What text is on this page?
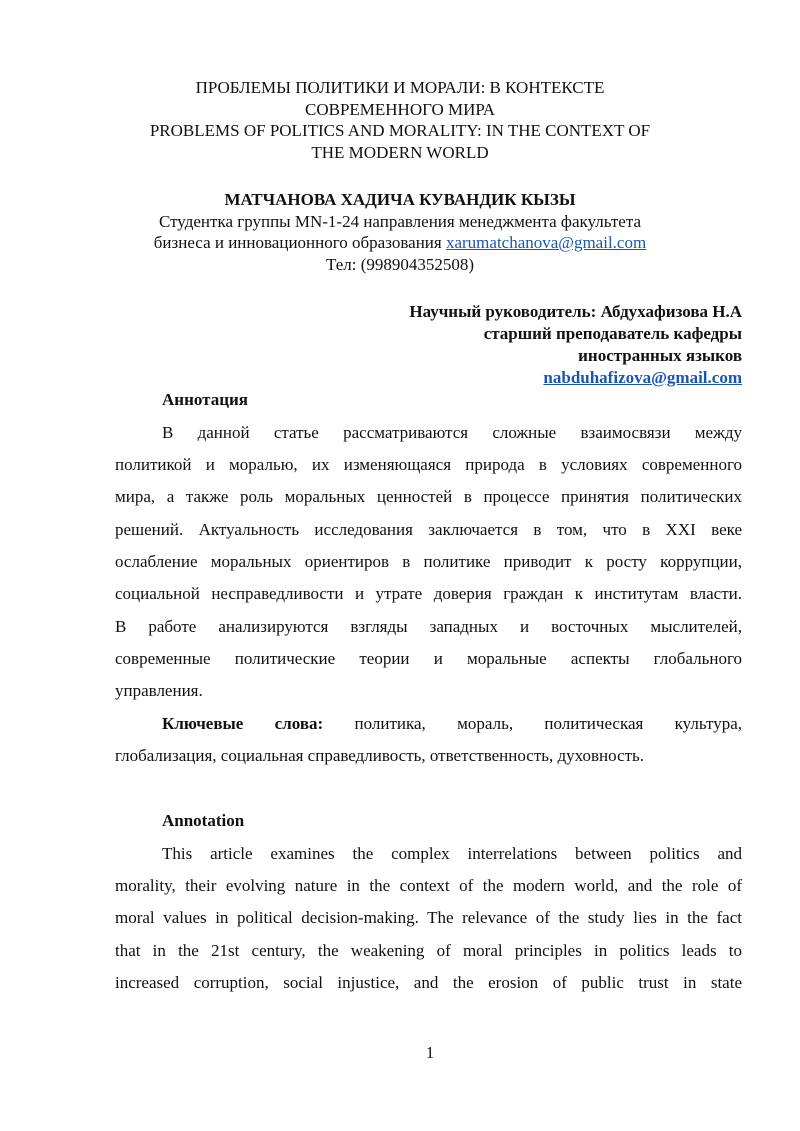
ПРОБЛЕМЫ ПОЛИТИКИ И МОРАЛИ: В КОНТЕКСТЕ
СОВРЕМЕННОГО МИРА
PROBLEMS OF POLITICS AND MORALITY: IN THE CONTEXT OF
THE MODERN WORLD
МАТЧАНОВА ХАДИЧА КУВАНДИК КЫЗЫ
Студентка группы MN-1-24 направления менеджмента факультета
бизнеса и инновационного образования xarumatchanova@gmail.com
Тел: (998904352508)
Научный руководитель: Абдухафизова Н.А
старший преподаватель кафедры
иностранных языков
nabduhafizova@gmail.com
Аннотация
В данной статье рассматриваются сложные взаимосвязи между
политикой и моралью, их изменяющаяся природа в условиях современного
мира, а также роль моральных ценностей в процессе принятия политических
решений. Актуальность исследования заключается в том, что в XXI веке
ослабление моральных ориентиров в политике приводит к росту коррупции,
социальной несправедливости и утрате доверия граждан к институтам власти.
В работе анализируются взгляды западных и восточных мыслителей,
современные политические теории и моральные аспекты глобального
управления.
Ключевые слова: политика, мораль, политическая культура,
глобализация, социальная справедливость, ответственность, духовность.
Annotation
This article examines the complex interrelations between politics and
morality, their evolving nature in the context of the modern world, and the role of
moral values in political decision-making. The relevance of the study lies in the fact
that in the 21st century, the weakening of moral principles in politics leads to
increased corruption, social injustice, and the erosion of public trust in state
1
